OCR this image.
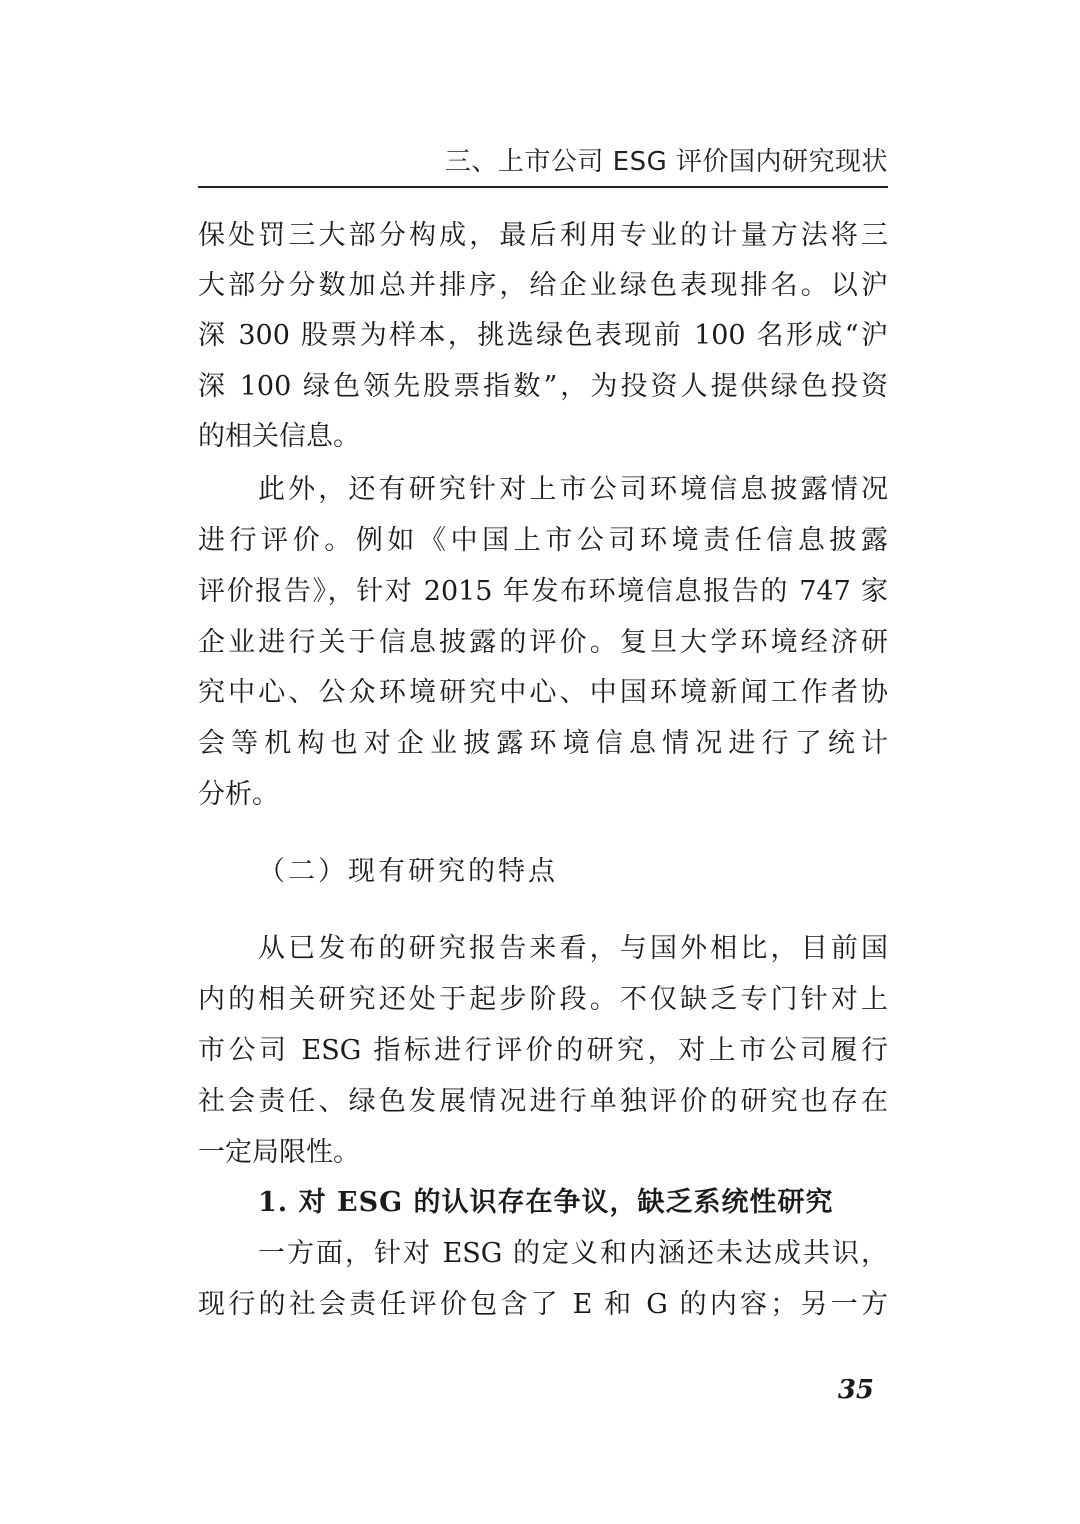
三、上市公司 ESG 评价国内研究现状
保处罚三大部分构成，最后利用专业的计量方法将三
大部分分数加总并排序，给企业绿色表现排名。以沪
深 300 股票为样本，挑选绿色表现前 100 名形成“沪
深 100 绿色领先股票指数”，为投资人提供绿色投资
的相关信息。
此外，还有研究针对上市公司环境信息披露情况
进行评价。例如《中国上市公司环境责任信息披露
评价报告》，针对 2015 年发布环境信息报告的 747 家
企业进行关于信息披露的评价。复旦大学环境经济研
究中心、公众环境研究中心、中国环境新闻工作者协
会等机构也对企业披露环境信息情况进行了统计
分析。
（二）现有研究的特点
从已发布的研究报告来看，与国外相比，目前国
内的相关研究还处于起步阶段。不仅缺乏专门针对上
市公司 ESG 指标进行评价的研究，对上市公司履行
社会责任、绿色发展情况进行单独评价的研究也存在
一定局限性。
1. 对 ESG 的认识存在争议，缺乏系统性研究
一方面，针对 ESG 的定义和内涵还未达成共识，
现行的社会责任评价包含了 E 和 G 的内容；另一方
35
